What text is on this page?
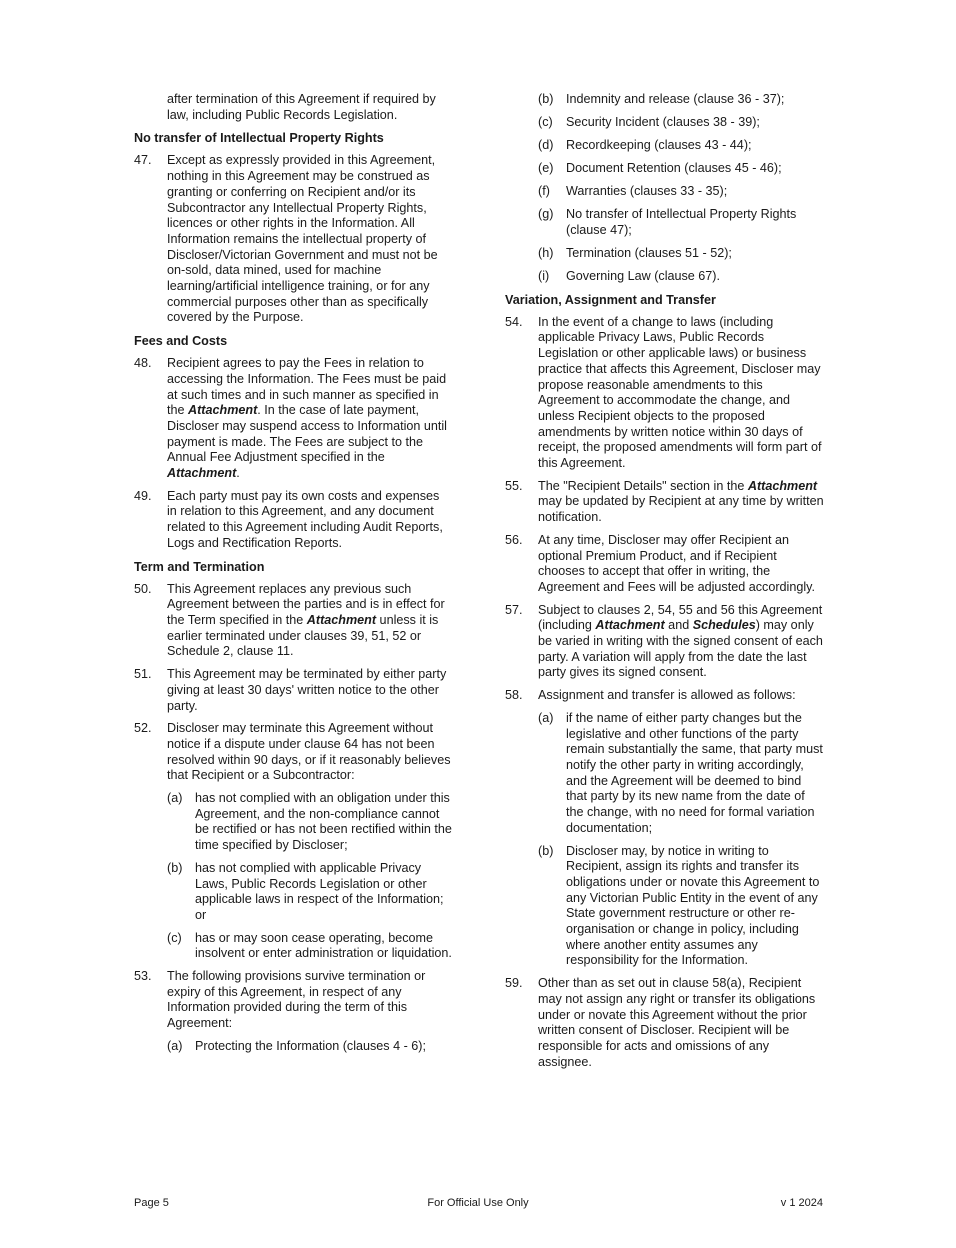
after termination of this Agreement if required by law, including Public Records Legislation.
No transfer of Intellectual Property Rights
47.	Except as expressly provided in this Agreement, nothing in this Agreement may be construed as granting or conferring on Recipient and/or its Subcontractor any Intellectual Property Rights, licences or other rights in the Information. All Information remains the intellectual property of Discloser/Victorian Government and must not be on-sold, data mined, used for machine learning/artificial intelligence training, or for any commercial purposes other than as specifically covered by the Purpose.
Fees and Costs
48.	Recipient agrees to pay the Fees in relation to accessing the Information. The Fees must be paid at such times and in such manner as specified in the Attachment. In the case of late payment, Discloser may suspend access to Information until payment is made. The Fees are subject to the Annual Fee Adjustment specified in the Attachment.
49.	Each party must pay its own costs and expenses in relation to this Agreement, and any document related to this Agreement including Audit Reports, Logs and Rectification Reports.
Term and Termination
50.	This Agreement replaces any previous such Agreement between the parties and is in effect for the Term specified in the Attachment unless it is earlier terminated under clauses 39, 51, 52 or Schedule 2, clause 11.
51.	This Agreement may be terminated by either party giving at least 30 days' written notice to the other party.
52.	Discloser may terminate this Agreement without notice if a dispute under clause 64 has not been resolved within 90 days, or if it reasonably believes that Recipient or a Subcontractor:
(a) has not complied with an obligation under this Agreement, and the non-compliance cannot be rectified or has not been rectified within the time specified by Discloser;
(b) has not complied with applicable Privacy Laws, Public Records Legislation or other applicable laws in respect of the Information; or
(c)	has or may soon cease operating, become insolvent or enter administration or liquidation.
53.	The following provisions survive termination or expiry of this Agreement, in respect of any Information provided during the term of this Agreement:
(a) Protecting the Information (clauses 4 - 6);
(b) Indemnity and release (clause 36 - 37);
(c)	Security Incident (clauses 38 - 39);
(d) Recordkeeping (clauses 43 - 44);
(e) Document Retention (clauses 45 - 46);
(f)	Warranties (clauses 33 - 35);
(g) No transfer of Intellectual Property Rights (clause 47);
(h) Termination (clauses 51 - 52);
(i)	Governing Law (clause 67).
Variation, Assignment and Transfer
54.	In the event of a change to laws (including applicable Privacy Laws, Public Records Legislation or other applicable laws) or business practice that affects this Agreement, Discloser may propose reasonable amendments to this Agreement to accommodate the change, and unless Recipient objects to the proposed amendments by written notice within 30 days of receipt, the proposed amendments will form part of this Agreement.
55.	The "Recipient Details" section in the Attachment may be updated by Recipient at any time by written notification.
56.	At any time, Discloser may offer Recipient an optional Premium Product, and if Recipient chooses to accept that offer in writing, the Agreement and Fees will be adjusted accordingly.
57.	Subject to clauses 2, 54, 55 and 56 this Agreement (including Attachment and Schedules) may only be varied in writing with the signed consent of each party. A variation will apply from the date the last party gives its signed consent.
58.	Assignment and transfer is allowed as follows:
(a) if the name of either party changes but the legislative and other functions of the party remain substantially the same, that party must notify the other party in writing accordingly, and the Agreement will be deemed to bind that party by its new name from the date of the change, with no need for formal variation documentation;
(b) Discloser may, by notice in writing to Recipient, assign its rights and transfer its obligations under or novate this Agreement to any Victorian Public Entity in the event of any State government restructure or other re-organisation or change in policy, including where another entity assumes any responsibility for the Information.
59.	Other than as set out in clause 58(a), Recipient may not assign any right or transfer its obligations under or novate this Agreement without the prior written consent of Discloser. Recipient will be responsible for acts and omissions of any assignee.
For Official Use Only
Page 5	v 1 2024
